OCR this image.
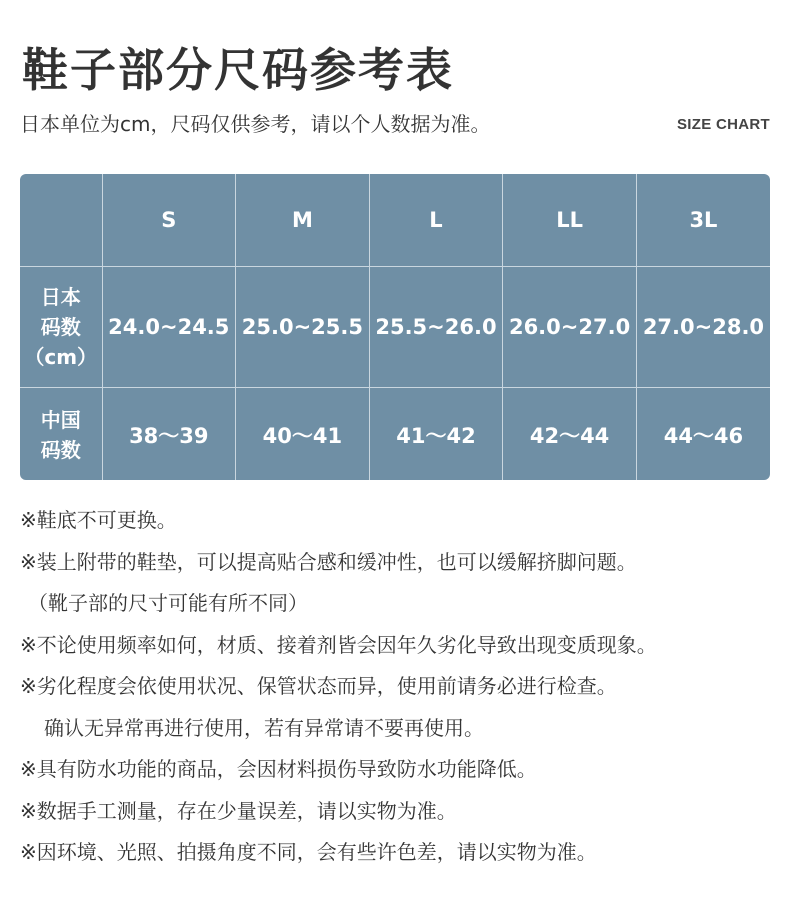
鞋子部分尺码参考表
日本单位为cm，尺码仅供参考，请以个人数据为准。	SIZE CHART
	S	M	L	LL	3L

日本
码数
（cm）	24.0~24.5	25.0~25.5	25.5~26.0	26.0~27.0	27.0~28.0

中国
码数	38～39	40～41	41～42	42～44	44～46
※鞋底不可更换。
※装上附带的鞋垫，可以提高贴合感和缓冲性，也可以缓解挤脚问题。
（靴子部的尺寸可能有所不同）
※不论使用频率如何，材质、接着剂皆会因年久劣化导致出现变质现象。
※劣化程度会依使用状况、保管状态而异，使用前请务必进行检查。
确认无异常再进行使用，若有异常请不要再使用。
※具有防水功能的商品，会因材料损伤导致防水功能降低。
※数据手工测量，存在少量误差，请以实物为准。
※因环境、光照、拍摄角度不同，会有些许色差，请以实物为准。
